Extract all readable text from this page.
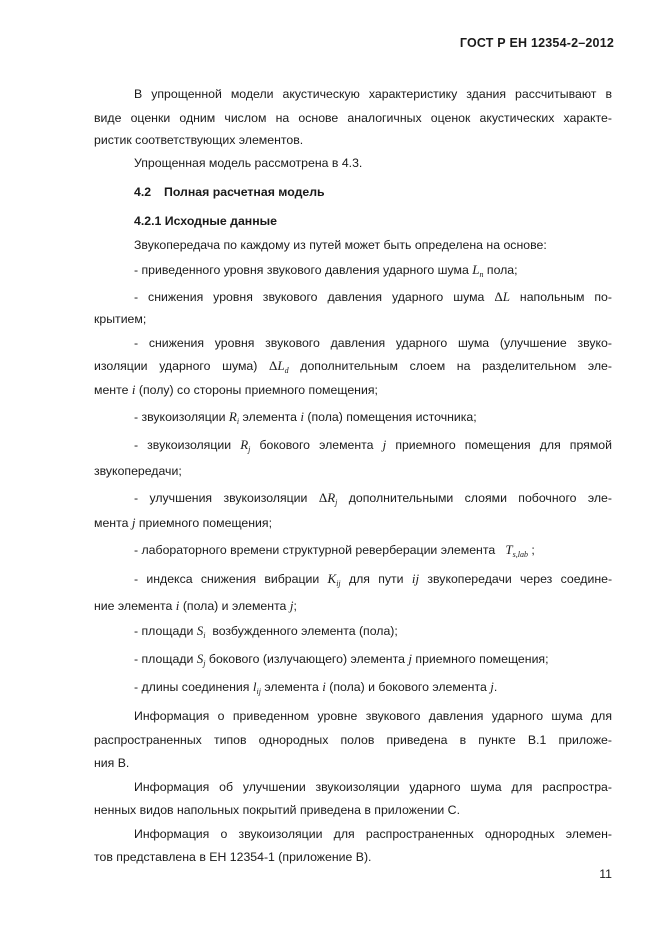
ГОСТ Р ЕН 12354-2–2012
В упрощенной модели акустическую характеристику здания рассчитывают в
виде оценки одним числом на основе аналогичных оценок акустических характе-
ристик соответствующих элементов.
Упрощенная модель рассмотрена в 4.3.
4.2 Полная расчетная модель
4.2.1 Исходные данные
Звукопередача по каждому из путей может быть определена на основе:
- приведенного уровня звукового давления ударного шума $L_n$ пола;
- снижения уровня звукового давления ударного шума ΔL напольным по-
крытием;
- снижения уровня звукового давления ударного шума (улучшение звуко-
изоляции ударного шума) $\Delta L_d$ дополнительным слоем на разделительном эле-
менте i (полу) со стороны приемного помещения;
- звукоизоляции $R_i$ элемента i (пола) помещения источника;
- звукоизоляции $R_j$ бокового элемента j приемного помещения для прямой
звукопередачи;
- улучшения звукоизоляции $\Delta R_j$ дополнительными слоями побочного эле-
мента j приемного помещения;
- лабораторного времени структурной реверберации элемента $T_{s,lab}$ ;
- индекса снижения вибрации $K_{ij}$ для пути ij звукопередачи через соедине-
ние элемента i (пола) и элемента j;
- площади $S_i$ возбужденного элемента (пола);
- площади $S_j$ бокового (излучающего) элемента j приемного помещения;
- длины соединения $l_{ij}$ элемента i (пола) и бокового элемента j.
Информация о приведенном уровне звукового давления ударного шума для
распространенных типов однородных полов приведена в пункте В.1 приложе-
ния В.
Информация об улучшении звукоизоляции ударного шума для распростра-
ненных видов напольных покрытий приведена в приложении С.
Информация о звукоизоляции для распространенных однородных элемен-
тов представлена в ЕН 12354-1 (приложение В).
11
